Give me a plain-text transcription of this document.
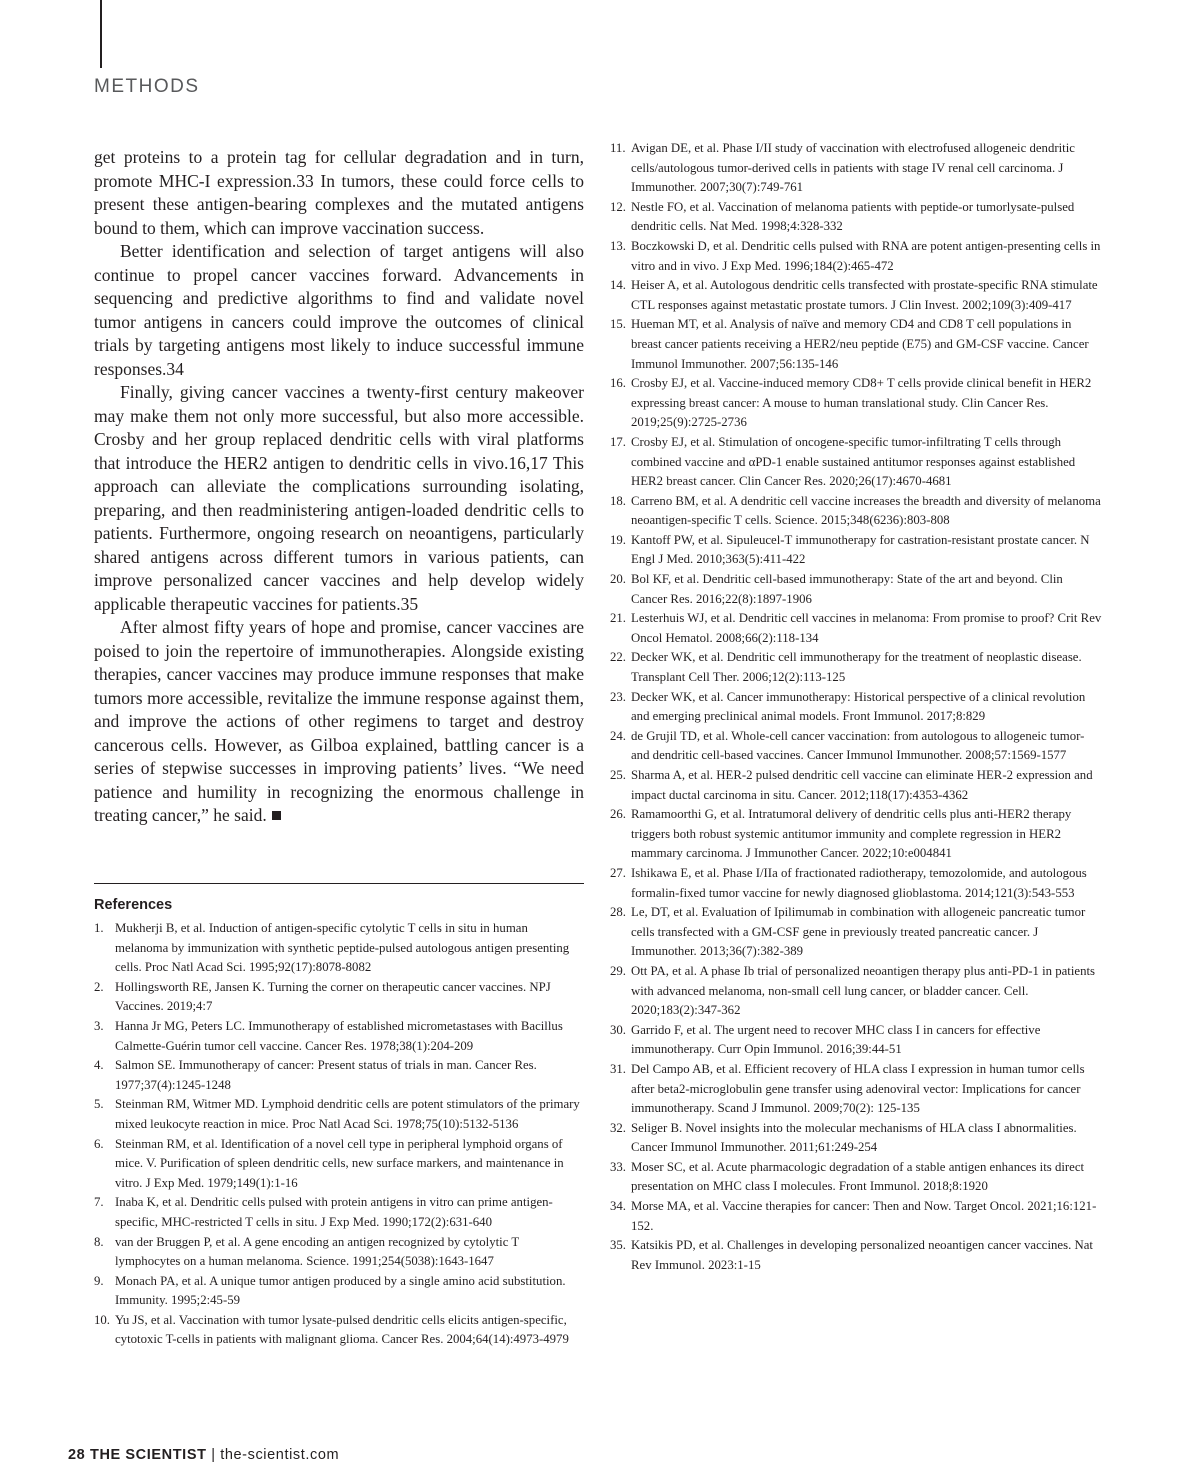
METHODS

get proteins to a protein tag for cellular degradation and in turn, promote MHC-I expression.33 In tumors, these could force cells to present these antigen-bearing complexes and the mutated antigens bound to them, which can improve vaccination success.

Better identification and selection of target antigens will also continue to propel cancer vaccines forward. Advancements in sequencing and predictive algorithms to find and validate novel tumor antigens in cancers could improve the outcomes of clinical trials by targeting antigens most likely to induce successful immune responses.34

Finally, giving cancer vaccines a twenty-first century makeover may make them not only more successful, but also more accessible. Crosby and her group replaced dendritic cells with viral platforms that introduce the HER2 antigen to dendritic cells in vivo.16,17 This approach can alleviate the complications surrounding isolating, preparing, and then readministering antigen-loaded dendritic cells to patients. Furthermore, ongoing research on neoantigens, particularly shared antigens across different tumors in various patients, can improve personalized cancer vaccines and help develop widely applicable therapeutic vaccines for patients.35

After almost fifty years of hope and promise, cancer vaccines are poised to join the repertoire of immunotherapies. Alongside existing therapies, cancer vaccines may produce immune responses that make tumors more accessible, revitalize the immune response against them, and improve the actions of other regimens to target and destroy cancerous cells. However, as Gilboa explained, battling cancer is a series of stepwise successes in improving patients’ lives. “We need patience and humility in recognizing the enormous challenge in treating cancer,” he said.

References
1. Mukherji B, et al. Induction of antigen-specific cytolytic T cells in situ in human melanoma by immunization with synthetic peptide-pulsed autologous antigen presenting cells. Proc Natl Acad Sci. 1995;92(17):8078-8082
2. Hollingsworth RE, Jansen K. Turning the corner on therapeutic cancer vaccines. NPJ Vaccines. 2019;4:7
3. Hanna Jr MG, Peters LC. Immunotherapy of established micrometastases with Bacillus Calmette-Guérin tumor cell vaccine. Cancer Res. 1978;38(1):204-209
4. Salmon SE. Immunotherapy of cancer: Present status of trials in man. Cancer Res. 1977;37(4):1245-1248
5. Steinman RM, Witmer MD. Lymphoid dendritic cells are potent stimulators of the primary mixed leukocyte reaction in mice. Proc Natl Acad Sci. 1978;75(10):5132-5136
6. Steinman RM, et al. Identification of a novel cell type in peripheral lymphoid organs of mice. V. Purification of spleen dendritic cells, new surface markers, and maintenance in vitro. J Exp Med. 1979;149(1):1-16
7. Inaba K, et al. Dendritic cells pulsed with protein antigens in vitro can prime antigen-specific, MHC-restricted T cells in situ. J Exp Med. 1990;172(2):631-640
8. van der Bruggen P, et al. A gene encoding an antigen recognized by cytolytic T lymphocytes on a human melanoma. Science. 1991;254(5038):1643-1647
9. Monach PA, et al. A unique tumor antigen produced by a single amino acid substitution. Immunity. 1995;2:45-59
10. Yu JS, et al. Vaccination with tumor lysate-pulsed dendritic cells elicits antigen-specific, cytotoxic T-cells in patients with malignant glioma. Cancer Res. 2004;64(14):4973-4979
11. Avigan DE, et al. Phase I/II study of vaccination with electrofused allogeneic dendritic cells/autologous tumor-derived cells in patients with stage IV renal cell carcinoma. J Immunother. 2007;30(7):749-761
12. Nestle FO, et al. Vaccination of melanoma patients with peptide-or tumorlysate-pulsed dendritic cells. Nat Med. 1998;4:328-332
13. Boczkowski D, et al. Dendritic cells pulsed with RNA are potent antigen-presenting cells in vitro and in vivo. J Exp Med. 1996;184(2):465-472
14. Heiser A, et al. Autologous dendritic cells transfected with prostate-specific RNA stimulate CTL responses against metastatic prostate tumors. J Clin Invest. 2002;109(3):409-417
15. Hueman MT, et al. Analysis of naïve and memory CD4 and CD8 T cell populations in breast cancer patients receiving a HER2/neu peptide (E75) and GM-CSF vaccine. Cancer Immunol Immunother. 2007;56:135-146
16. Crosby EJ, et al. Vaccine-induced memory CD8+ T cells provide clinical benefit in HER2 expressing breast cancer: A mouse to human translational study. Clin Cancer Res. 2019;25(9):2725-2736
17. Crosby EJ, et al. Stimulation of oncogene-specific tumor-infiltrating T cells through combined vaccine and αPD-1 enable sustained antitumor responses against established HER2 breast cancer. Clin Cancer Res. 2020;26(17):4670-4681
18. Carreno BM, et al. A dendritic cell vaccine increases the breadth and diversity of melanoma neoantigen-specific T cells. Science. 2015;348(6236):803-808
19. Kantoff PW, et al. Sipuleucel-T immunotherapy for castration-resistant prostate cancer. N Engl J Med. 2010;363(5):411-422
20. Bol KF, et al. Dendritic cell-based immunotherapy: State of the art and beyond. Clin Cancer Res. 2016;22(8):1897-1906
21. Lesterhuis WJ, et al. Dendritic cell vaccines in melanoma: From promise to proof? Crit Rev Oncol Hematol. 2008;66(2):118-134
22. Decker WK, et al. Dendritic cell immunotherapy for the treatment of neoplastic disease. Transplant Cell Ther. 2006;12(2):113-125
23. Decker WK, et al. Cancer immunotherapy: Historical perspective of a clinical revolution and emerging preclinical animal models. Front Immunol. 2017;8:829
24. de Grujil TD, et al. Whole-cell cancer vaccination: from autologous to allogeneic tumor-and dendritic cell-based vaccines. Cancer Immunol Immunother. 2008;57:1569-1577
25. Sharma A, et al. HER-2 pulsed dendritic cell vaccine can eliminate HER-2 expression and impact ductal carcinoma in situ. Cancer. 2012;118(17):4353-4362
26. Ramamoorthi G, et al. Intratumoral delivery of dendritic cells plus anti-HER2 therapy triggers both robust systemic antitumor immunity and complete regression in HER2 mammary carcinoma. J Immunother Cancer. 2022;10:e004841
27. Ishikawa E, et al. Phase I/IIa of fractionated radiotherapy, temozolomide, and autologous formalin-fixed tumor vaccine for newly diagnosed glioblastoma. 2014;121(3):543-553
28. Le, DT, et al. Evaluation of Ipilimumab in combination with allogeneic pancreatic tumor cells transfected with a GM-CSF gene in previously treated pancreatic cancer. J Immunother. 2013;36(7):382-389
29. Ott PA, et al. A phase Ib trial of personalized neoantigen therapy plus anti-PD-1 in patients with advanced melanoma, non-small cell lung cancer, or bladder cancer. Cell. 2020;183(2):347-362
30. Garrido F, et al. The urgent need to recover MHC class I in cancers for effective immunotherapy. Curr Opin Immunol. 2016;39:44-51
31. Del Campo AB, et al. Efficient recovery of HLA class I expression in human tumor cells after beta2-microglobulin gene transfer using adenoviral vector: Implications for cancer immunotherapy. Scand J Immunol. 2009;70(2): 125-135
32. Seliger B. Novel insights into the molecular mechanisms of HLA class I abnormalities. Cancer Immunol Immunother. 2011;61:249-254
33. Moser SC, et al. Acute pharmacologic degradation of a stable antigen enhances its direct presentation on MHC class I molecules. Front Immunol. 2018;8:1920
34. Morse MA, et al. Vaccine therapies for cancer: Then and Now. Target Oncol. 2021;16:121-152.
35. Katsikis PD, et al. Challenges in developing personalized neoantigen cancer vaccines. Nat Rev Immunol. 2023:1-15
28 THE SCIENTIST | the-scientist.com
